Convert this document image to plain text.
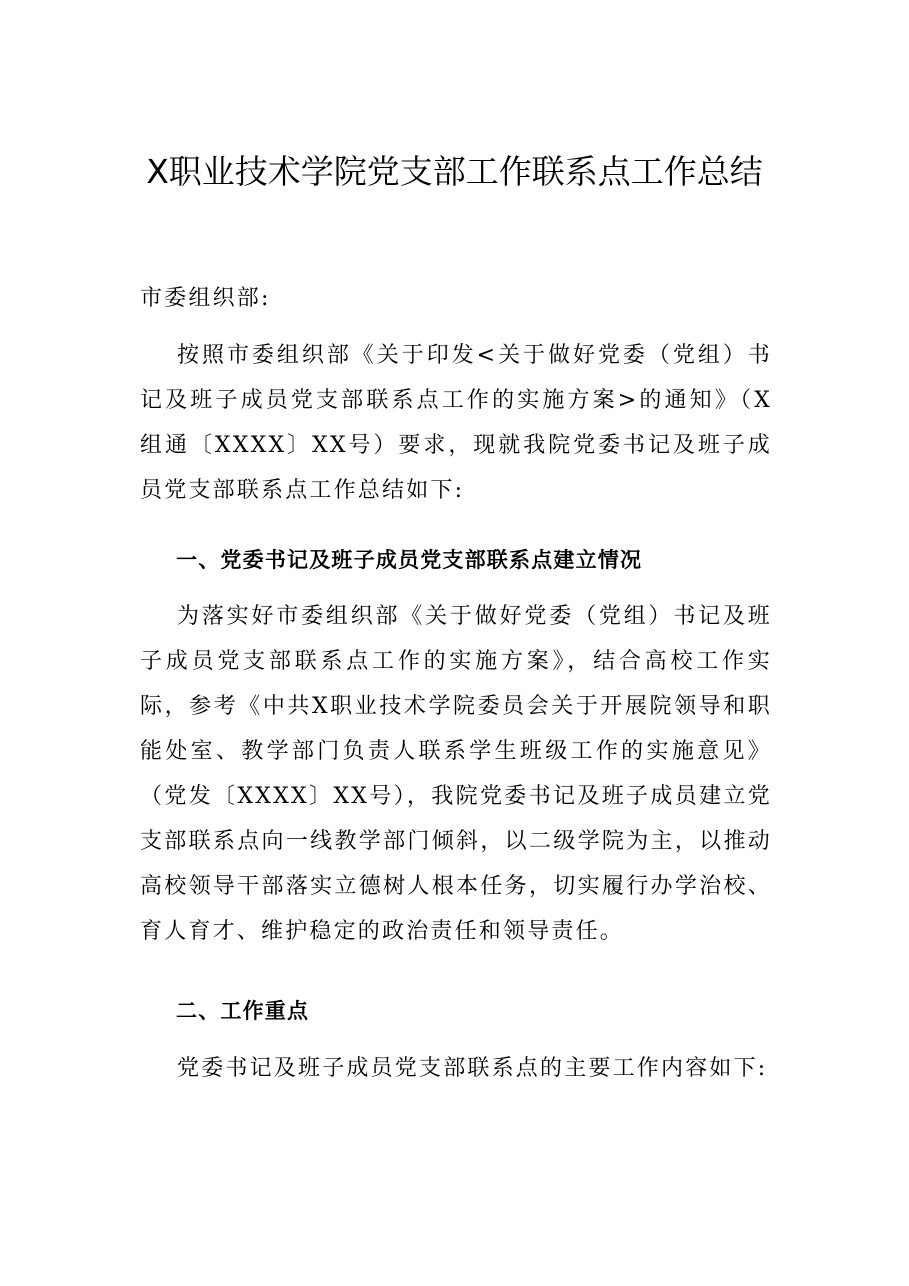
X职业技术学院党支部工作联系点工作总结
市委组织部:
按照市委组织部《关于印发<关于做好党委（党组）书记及班子成员党支部联系点工作的实施方案>的通知》（X组通〔XXXX〕XX号）要求，现就我院党委书记及班子成员党支部联系点工作总结如下:
一、党委书记及班子成员党支部联系点建立情况
为落实好市委组织部《关于做好党委（党组）书记及班子成员党支部联系点工作的实施方案》，结合高校工作实际，参考《中共X职业技术学院委员会关于开展院领导和职能处室、教学部门负责人联系学生班级工作的实施意见》（党发〔XXXX〕XX号），我院党委书记及班子成员建立党支部联系点向一线教学部门倾斜，以二级学院为主，以推动高校领导干部落实立德树人根本任务，切实履行办学治校、育人育才、维护稳定的政治责任和领导责任。
二、工作重点
党委书记及班子成员党支部联系点的主要工作内容如下:
